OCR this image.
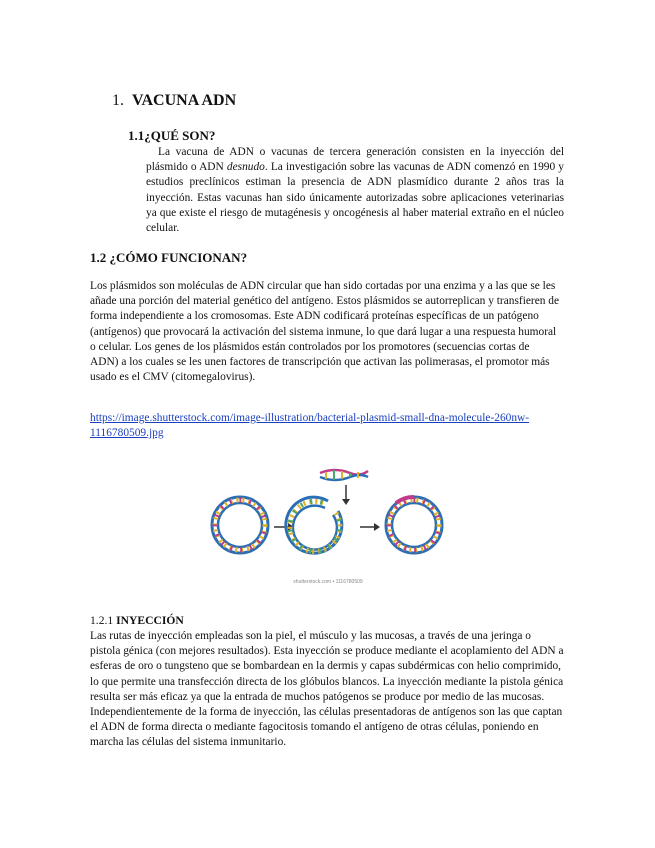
1. VACUNA ADN
1.1¿QUÉ SON?
La vacuna de ADN o vacunas de tercera generación consisten en la inyección del plásmido o ADN desnudo. La investigación sobre las vacunas de ADN comenzó en 1990 y estudios preclínicos estiman la presencia de ADN plasmídico durante 2 años tras la inyección. Estas vacunas han sido únicamente autorizadas sobre aplicaciones veterinarias ya que existe el riesgo de mutagénesis y oncogénesis al haber material extraño en el núcleo celular.
1.2 ¿CÓMO FUNCIONAN?
Los plásmidos son moléculas de ADN circular que han sido cortadas por una enzima y a las que se les añade una porción del material genético del antígeno. Estos plásmidos se autorreplican y transfieren de forma independiente a los cromosomas. Este ADN codificará proteínas específicas de un patógeno (antígenos) que provocará la activación del sistema inmune, lo que dará lugar a una respuesta humoral o celular. Los genes de los plásmidos están controlados por los promotores (secuencias cortas de ADN) a los cuales se les unen factores de transcripción que activan las polimerasas, el promotor más usado es el CMV (citomegalovirus).
https://image.shutterstock.com/image-illustration/bacterial-plasmid-small-dna-molecule-260nw-1116780509.jpg
shutterstock.com • 1116780509
1.2.1 INYECCIÓN
Las rutas de inyección empleadas son la piel, el músculo y las mucosas, a través de una jeringa o pistola génica (con mejores resultados). Esta inyección se produce mediante el acoplamiento del ADN a esferas de oro o tungsteno que se bombardean en la dermis y capas subdérmicas con helio comprimido, lo que permite una transfección directa de los glóbulos blancos. La inyección mediante la pistola génica resulta ser más eficaz ya que la entrada de muchos patógenos se produce por medio de las mucosas. Independientemente de la forma de inyección, las células presentadoras de antígenos son las que captan el ADN de forma directa o mediante fagocitosis tomando el antígeno de otras células, poniendo en marcha las células del sistema inmunitario.
